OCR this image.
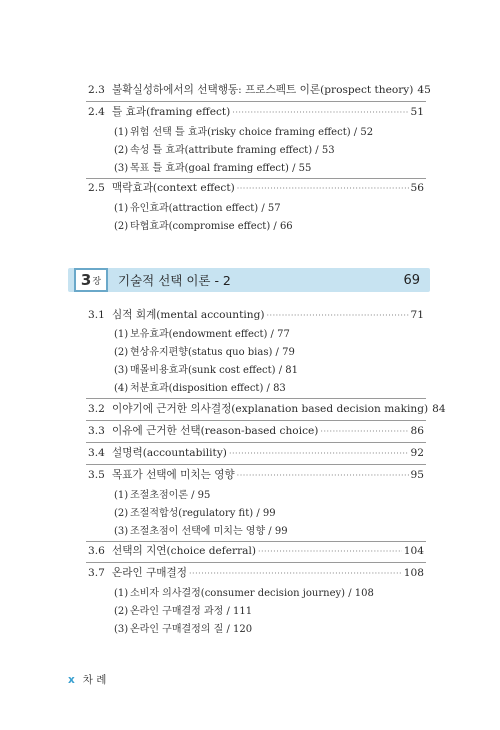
2.3 불확실성하에서의 선택행동: 프로스펙트 이론(prospect theory) 45
2.4 틀 효과(framing effect) ·····	51
(1) 위험 선택 틀 효과(risky choice framing effect) / 52
(2) 속성 틀 효과(attribute framing effect) / 53
(3) 목표 틀 효과(goal framing effect) / 55
2.5 맥락효과(context effect) ·····	56
(1) 유인효과(attraction effect) / 57
(2) 타협효과(compromise effect) / 66
3 장 기술적 선택 이론 - 2	69
3.1 심적 회계(mental accounting) ·····	71
(1) 보유효과(endowment effect) / 77
(2) 현상유지편향(status quo bias) / 79
(3) 매몰비용효과(sunk cost effect) / 81
(4) 처분효과(disposition effect) / 83
3.2 이야기에 근거한 의사결정(explanation based decision making) 84
3.3 이유에 근거한 선택(reason-based choice) ·····	86
3.4 설명력(accountability) ·····	92
3.5 목표가 선택에 미치는 영향 ·····	95
(1) 조절초점이론 / 95
(2) 조절적합성(regulatory fit) / 99
(3) 조절초점이 선택에 미치는 영향 / 99
3.6 선택의 지연(choice deferral) ·····	104
3.7 온라인 구매결정 ·····	108
(1) 소비자 의사결정(consumer decision journey) / 108
(2) 온라인 구매결정 과정 / 111
(3) 온라인 구매결정의 질 / 120
x 차 례
